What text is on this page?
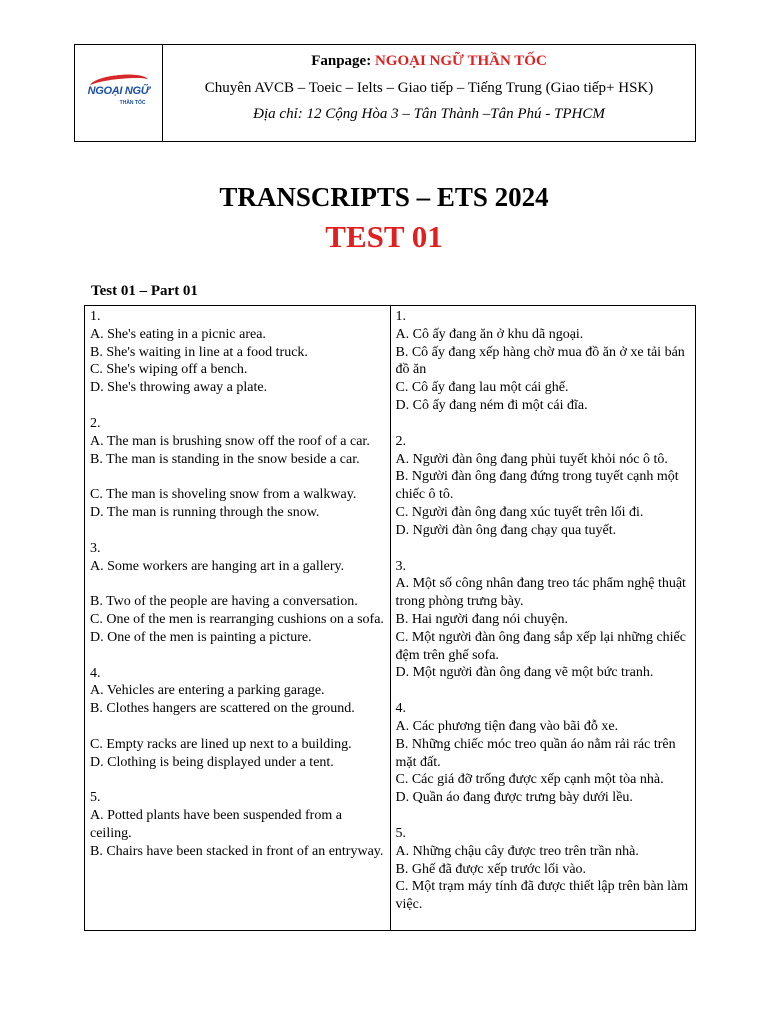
NGOẠI NGỮ
THẦN TỐC
Fanpage: NGOẠI NGỮ THẦN TỐC
Chuyên AVCB – Toeic – Ielts – Giao tiếp – Tiếng Trung (Giao tiếp+ HSK)
Địa chỉ: 12 Cộng Hòa 3 – Tân Thành –Tân Phú - TPHCM
TRANSCRIPTS – ETS 2024
TEST 01
Test 01 – Part 01
1.
A. She's eating in a picnic area.
B. She's waiting in line at a food truck.
C. She's wiping off a bench.
D. She's throwing away a plate.
2.
A. The man is brushing snow off the roof of a car.
B. The man is standing in the snow beside a car.
C. The man is shoveling snow from a walkway.
D. The man is running through the snow.
3.
A. Some workers are hanging art in a gallery.
B. Two of the people are having a conversation.
C. One of the men is rearranging cushions on a sofa.
D. One of the men is painting a picture.
4.
A. Vehicles are entering a parking garage.
B. Clothes hangers are scattered on the ground.
C. Empty racks are lined up next to a building.
D. Clothing is being displayed under a tent.
5.
A. Potted plants have been suspended from a ceiling.
B. Chairs have been stacked in front of an entryway.

1.
A. Cô ấy đang ăn ở khu dã ngoại.
B. Cô ấy đang xếp hàng chờ mua đồ ăn ở xe tải bán đồ ăn
C. Cô ấy đang lau một cái ghế.
D. Cô ấy đang ném đi một cái đĩa.
2.
A. Người đàn ông đang phủi tuyết khỏi nóc ô tô.
B. Người đàn ông đang đứng trong tuyết cạnh một chiếc ô tô.
C. Người đàn ông đang xúc tuyết trên lối đi.
D. Người đàn ông đang chạy qua tuyết.
3.
A. Một số công nhân đang treo tác phẩm nghệ thuật trong phòng trưng bày.
B. Hai người đang nói chuyện.
C. Một người đàn ông đang sắp xếp lại những chiếc đệm trên ghế sofa.
D. Một người đàn ông đang vẽ một bức tranh.
4.
A. Các phương tiện đang vào bãi đỗ xe.
B. Những chiếc móc treo quần áo nằm rải rác trên mặt đất.
C. Các giá đỡ trống được xếp cạnh một tòa nhà.
D. Quần áo đang được trưng bày dưới lều.
5.
A. Những chậu cây được treo trên trần nhà.
B. Ghế đã được xếp trước lối vào.
C. Một trạm máy tính đã được thiết lập trên bàn làm việc.
